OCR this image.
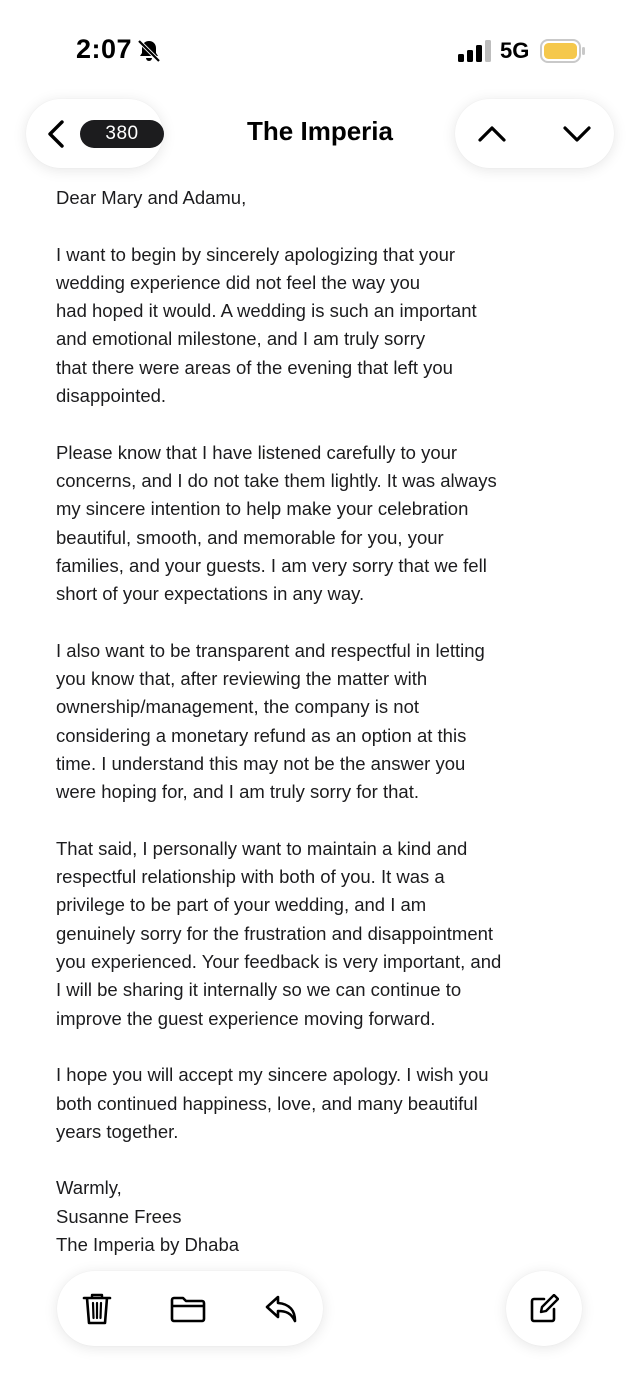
2:07	5G
380	The Imperia

Dear Mary and Adamu,

I want to begin by sincerely apologizing that your
wedding experience did not feel the way you
had hoped it would. A wedding is such an important
and emotional milestone, and I am truly sorry
that there were areas of the evening that left you
disappointed.

Please know that I have listened carefully to your
concerns, and I do not take them lightly. It was always
my sincere intention to help make your celebration
beautiful, smooth, and memorable for you, your
families, and your guests. I am very sorry that we fell
short of your expectations in any way.

I also want to be transparent and respectful in letting
you know that, after reviewing the matter with
ownership/management, the company is not
considering a monetary refund as an option at this
time. I understand this may not be the answer you
were hoping for, and I am truly sorry for that.

That said, I personally want to maintain a kind and
respectful relationship with both of you. It was a
privilege to be part of your wedding, and I am
genuinely sorry for the frustration and disappointment
you experienced. Your feedback is very important, and
I will be sharing it internally so we can continue to
improve the guest experience moving forward.

I hope you will accept my sincere apology. I wish you
both continued happiness, love, and many beautiful
years together.

Warmly,
Susanne Frees
The Imperia by Dhaba
